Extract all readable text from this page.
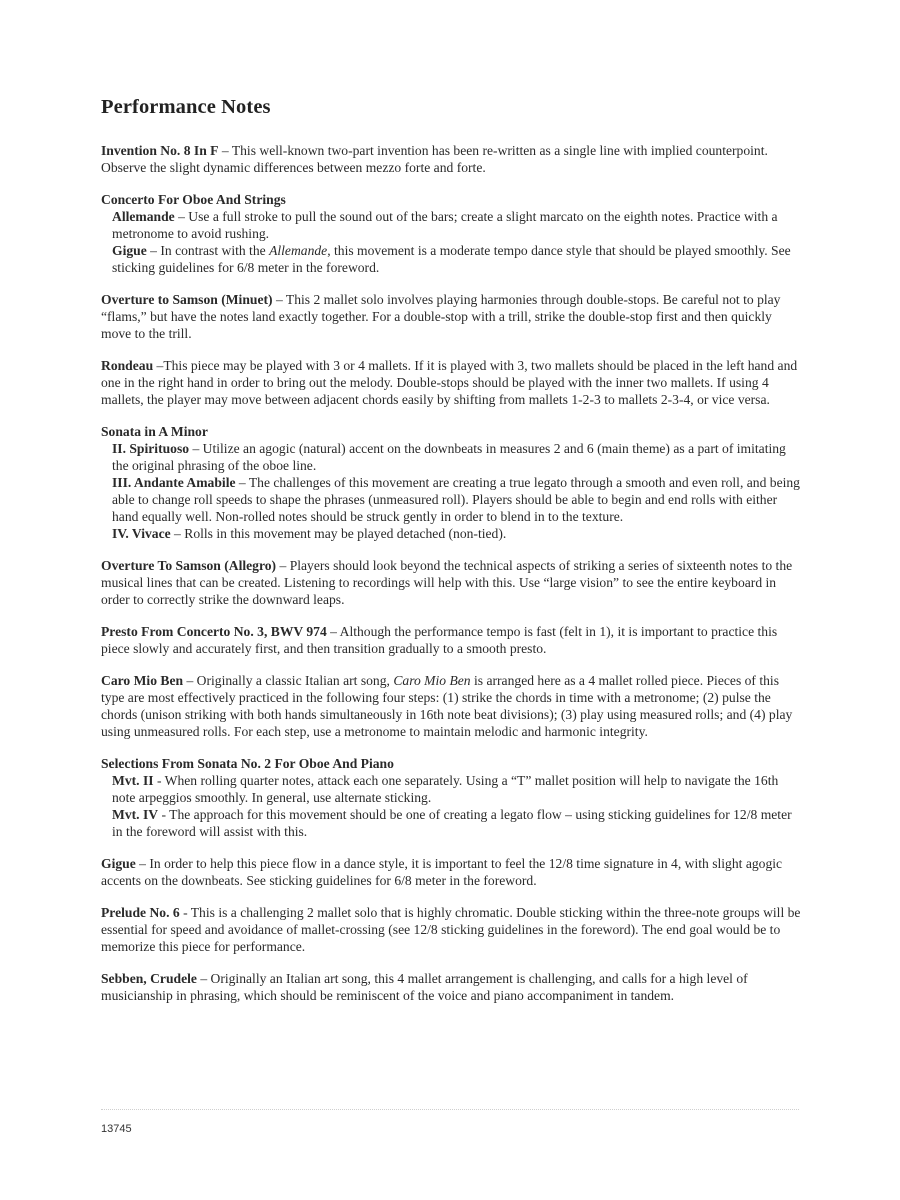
Performance Notes

Invention No. 8 In F – This well-known two-part invention has been re-written as a single line with implied counterpoint. Observe the slight dynamic differences between mezzo forte and forte.

Concerto For Oboe And Strings

Allemande – Use a full stroke to pull the sound out of the bars; create a slight marcato on the eighth notes. Practice with a metronome to avoid rushing.

Gigue – In contrast with the Allemande, this movement is a moderate tempo dance style that should be played smoothly. See sticking guidelines for 6/8 meter in the foreword.

Overture to Samson (Minuet) – This 2 mallet solo involves playing harmonies through double-stops. Be careful not to play “flams,” but have the notes land exactly together. For a double-stop with a trill, strike the double-stop first and then quickly move to the trill.

Rondeau –This piece may be played with 3 or 4 mallets. If it is played with 3, two mallets should be placed in the left hand and one in the right hand in order to bring out the melody. Double-stops should be played with the inner two mallets. If using 4 mallets, the player may move between adjacent chords easily by shifting from mallets 1-2-3 to mallets 2-3-4, or vice versa.

Sonata in A Minor

II. Spirituoso – Utilize an agogic (natural) accent on the downbeats in measures 2 and 6 (main theme) as a part of imitating the original phrasing of the oboe line.

III. Andante Amabile – The challenges of this movement are creating a true legato through a smooth and even roll, and being able to change roll speeds to shape the phrases (unmeasured roll). Players should be able to begin and end rolls with either hand equally well. Non-rolled notes should be struck gently in order to blend in to the texture.

IV. Vivace – Rolls in this movement may be played detached (non-tied).

Overture To Samson (Allegro) – Players should look beyond the technical aspects of striking a series of sixteenth notes to the musical lines that can be created. Listening to recordings will help with this. Use “large vision” to see the entire keyboard in order to correctly strike the downward leaps.

Presto From Concerto No. 3, BWV 974 – Although the performance tempo is fast (felt in 1), it is important to practice this piece slowly and accurately first, and then transition gradually to a smooth presto.

Caro Mio Ben – Originally a classic Italian art song, Caro Mio Ben is arranged here as a 4 mallet rolled piece. Pieces of this type are most effectively practiced in the following four steps: (1) strike the chords in time with a metronome; (2) pulse the chords (unison striking with both hands simultaneously in 16th note beat divisions); (3) play using measured rolls; and (4) play using unmeasured rolls. For each step, use a metronome to maintain melodic and harmonic integrity.

Selections From Sonata No. 2 For Oboe And Piano

Mvt. II - When rolling quarter notes, attack each one separately. Using a “T” mallet position will help to navigate the 16th note arpeggios smoothly. In general, use alternate sticking.

Mvt. IV - The approach for this movement should be one of creating a legato flow – using sticking guidelines for 12/8 meter in the foreword will assist with this.

Gigue – In order to help this piece flow in a dance style, it is important to feel the 12/8 time signature in 4, with slight agogic accents on the downbeats. See sticking guidelines for 6/8 meter in the foreword.

Prelude No. 6 - This is a challenging 2 mallet solo that is highly chromatic. Double sticking within the three-note groups will be essential for speed and avoidance of mallet-crossing (see 12/8 sticking guidelines in the foreword). The end goal would be to memorize this piece for performance.

Sebben, Crudele – Originally an Italian art song, this 4 mallet arrangement is challenging, and calls for a high level of musicianship in phrasing, which should be reminiscent of the voice and piano accompaniment in tandem.

13745
